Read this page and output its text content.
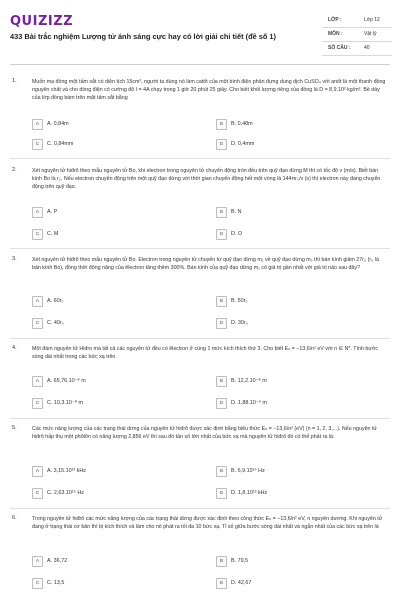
QUIZIZZ
433 Bài trắc nghiệm Lượng tử ánh sáng cực hay có lời giải chi tiết (đề số 1)
LỚP :	Lớp 12
MÔN :	Vật lý
SỐ CÂU :	40
1.	Muốn mạ đồng một tấm sắt có diện tích 15cm², người ta dùng nó làm catốt của một bình điện phân đựng dung dịch CuSO₄ với anốt là một thanh đồng nguyên chất và cho dòng điện có cường độ I = 4A chạy trong 1 giờ 20 phút 25 giây. Cho biết khối lượng riêng của đồng là D = 8,9.10³ kg/m³. Bề dày của lớp đồng bám trên mặt tấm sắt bằng
A	A. 0,84m	B	B. 0,48m
C	C. 0,84mm	D	D. 0,4mm
2.	Xét nguyên tử hiđrô theo mẫu nguyên tử Bo, khi electron trong nguyên tử chuyển động tròn đều trên quỹ đạo dừng M thì có tốc độ v (m/s). Biết bán kính Bo là r₀. Nếu electron chuyển động trên một quỹ đạo dừng với thời gian chuyển động hết một vòng là 144πr₀/v (s) thì electron này đang chuyển động trên quỹ đạo.
A	A. P	B	B. N
C	C. M	D	D. O
3.	Xét nguyên tử hiđrô theo mẫu nguyên tử Bo. Electron trong nguyên tử chuyển từ quỹ đạo dừng m₁ về quỹ đạo dừng m₂ thì bán kính giảm 27r₀ (r₀ là bán kính Bo), đồng thời động năng của êlectron tăng thêm 300%. Bán kính của quỹ đạo dừng m₁ có giá trị gần nhất với giá trị nào sau đây?
A	A. 60r₀	B	B. 50r₀
C	C. 40r₀	D	D. 30r₀
4.	Một đám nguyên tử Hiđro mà tất cả các nguyên tử đều có êlectron ở cùng 1 mức kích thích thứ 3. Cho biết Eₙ = −13,6/n² eV với n ∈ N*. Tính bước sóng dài nhất trong các bức xạ trên.
A	A. 65,76.10⁻⁸ m	B	B. 12,2.10⁻⁸ m
C	C. 10,3.10⁻⁸ m	D	D. 1,88.10⁻⁶ m
5.	Các mức năng lượng của các trạng thái dừng của nguyên tử hiđrô được xác định bằng biểu thức Eₙ = −13,6/n² (eV) (n = 1, 2, 3,...). Nếu nguyên tử hiđrô hấp thụ một phôtôn có năng lượng 2,856 eV thì sau đó tần số lớn nhất của bức xạ mà nguyên tử hiđrô đó có thể phát ra là:
A	A. 3,15.10¹² kHz	B	B. 6,9.10¹⁴ Hz
C	C. 2,63.10¹⁵ Hz	D	D. 1,8.10¹³ kHz
6.	Trong nguyên tử hiđrô các mức năng lượng của các trạng thái dừng được xác định theo công thức Eₙ = −13,6/n² eV, n nguyên dương. Khi nguyên tử đang ở trạng thái cơ bản thì bị kích thích và làm cho nó phát ra tối đa 10 bức xạ. Tỉ số giữa bước sóng dài nhất và ngắn nhất của các bức xạ trên là
A	A. 36,72	B	B. 79,5
C	C. 13,5	D	D. 42,67
